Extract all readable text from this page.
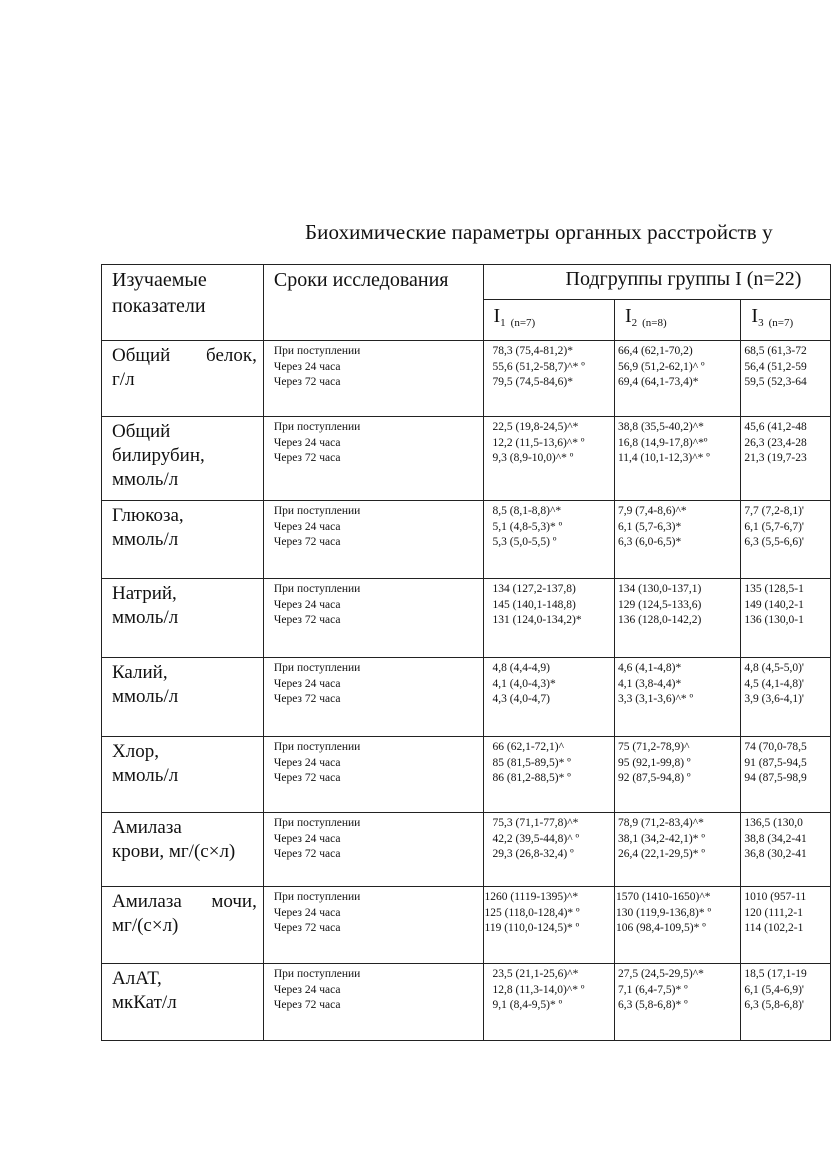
Биохимические параметры органных расстройств у
Изучаемые показатели	Сроки исследования	Подгруппы группы I (n=22)		
		$I_1$ $_{(n=7)}$	$I_2$ $_{(n=8)}$	$I_3$ $_{(n=7)}$

Общий белок,
г/л	При поступлении
Через 24 часа
Через 72 часа	78,3 (75,4-81,2)*
55,6 (51,2-58,7)^* º
79,5 (74,5-84,6)*	66,4 (62,1-70,2)
56,9 (51,2-62,1)^ º
69,4 (64,1-73,4)*	68,5 (61,3-72
56,4 (51,2-59
59,5 (52,3-64

Общий
билирубин,
ммоль/л	При поступлении
Через 24 часа
Через 72 часа	22,5 (19,8-24,5)^*
12,2 (11,5-13,6)^* º
9,3 (8,9-10,0)^* º	38,8 (35,5-40,2)^*
16,8 (14,9-17,8)^*º
11,4 (10,1-12,3)^* º	45,6 (41,2-48
26,3 (23,4-28
21,3 (19,7-23

Глюкоза,
ммоль/л	При поступлении
Через 24 часа
Через 72 часа	8,5 (8,1-8,8)^*
5,1 (4,8-5,3)* º
5,3 (5,0-5,5) º	7,9 (7,4-8,6)^*
6,1 (5,7-6,3)*
6,3 (6,0-6,5)*	7,7 (7,2-8,1)'
6,1 (5,7-6,7)'
6,3 (5,5-6,6)'

Натрий,
ммоль/л	При поступлении
Через 24 часа
Через 72 часа	134 (127,2-137,8)
145 (140,1-148,8)
131 (124,0-134,2)*	134 (130,0-137,1)
129 (124,5-133,6)
136 (128,0-142,2)	135 (128,5-1
149 (140,2-1
136 (130,0-1

Калий,
ммоль/л	При поступлении
Через 24 часа
Через 72 часа	4,8 (4,4-4,9)
4,1 (4,0-4,3)*
4,3 (4,0-4,7)	4,6 (4,1-4,8)*
4,1 (3,8-4,4)*
3,3 (3,1-3,6)^* º	4,8 (4,5-5,0)'
4,5 (4,1-4,8)'
3,9 (3,6-4,1)'

Хлор,
ммоль/л	При поступлении
Через 24 часа
Через 72 часа	66 (62,1-72,1)^
85 (81,5-89,5)* º
86 (81,2-88,5)* º	75 (71,2-78,9)^
95 (92,1-99,8) º
92 (87,5-94,8) º	74 (70,0-78,5
91 (87,5-94,5
94 (87,5-98,9

Амилаза
крови, мг/(с×л)	При поступлении
Через 24 часа
Через 72 часа	75,3 (71,1-77,8)^*
42,2 (39,5-44,8)^ º
29,3 (26,8-32,4) º	78,9 (71,2-83,4)^*
38,1 (34,2-42,1)* º
26,4 (22,1-29,5)* º	136,5 (130,0
38,8 (34,2-41
36,8 (30,2-41

Амилаза мочи,
мг/(с×л)	При поступлении
Через 24 часа
Через 72 часа	1260 (1119-1395)^*
125 (118,0-128,4)* º
119 (110,0-124,5)* º	1570 (1410-1650)^*
130 (119,9-136,8)* º
106 (98,4-109,5)* º	1010 (957-11
120 (111,2-1
114 (102,2-1

АлАТ,
мкКат/л	При поступлении
Через 24 часа
Через 72 часа	23,5 (21,1-25,6)^*
12,8 (11,3-14,0)^* º
9,1 (8,4-9,5)* º	27,5 (24,5-29,5)^*
7,1 (6,4-7,5)* º
6,3 (5,8-6,8)* º	18,5 (17,1-19
6,1 (5,4-6,9)'
6,3 (5,8-6,8)'
